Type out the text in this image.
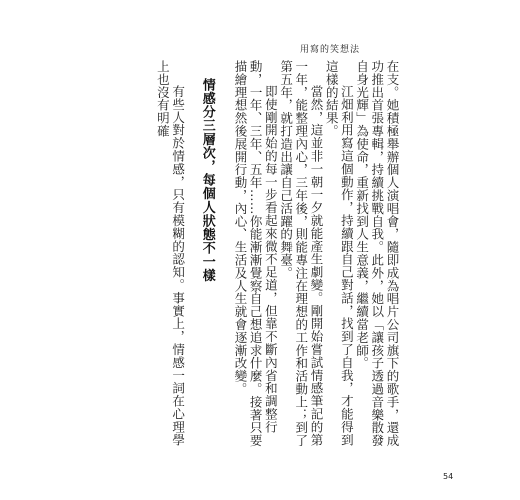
用寫的笑想法

在支。她積極舉辦個人演唱會，隨即成為唱片公司旗下的歌手，還成功推出首張專輯，持續挑戰自我。此外，她以「讓孩子透過音樂散發自身光輝」為使命，重新找到人生意義，繼續當老師。

江畑利用寫這個動作，持續跟自己對話，找到了自我，才能得到這樣的結果。

當然，這並非一朝一夕就能產生劇變。剛開始嘗試情感筆記的第一年，能整理內心，三年後，則能專注在理想的工作和活動上；到了第五年，就打造出讓自己活躍的舞臺。

即使剛開始的每一步看起來微不足道，但靠不斷內省和調整行動，一年、三年、五年……你能漸漸覺察自己想追求什麼。接著只要描繪理想然後展開行動，內心、生活及人生就會逐漸改變。

情感分三層次，每個人狀態不一樣

有些人對於情感，只有模糊的認知。事實上，情感一詞在心理學上也沒有明確

54
